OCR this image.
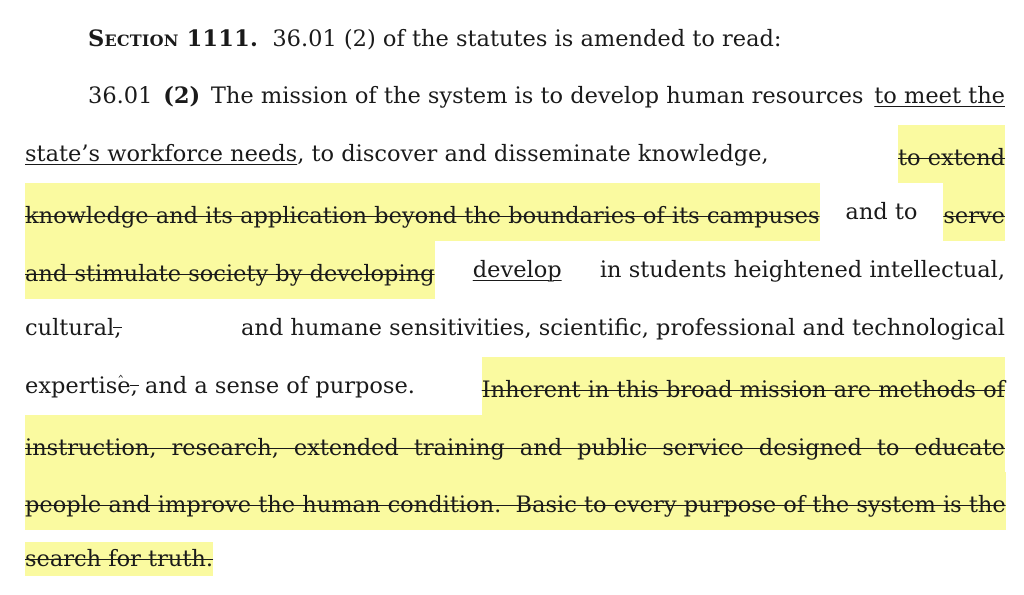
Section 1111. 36.01 (2) of the statutes is amended to read:
36.01 (2) The mission of the system is to develop human resources to meet the
state’s workforce needs, to discover and disseminate knowledge,	to extend
knowledge and its application beyond the boundaries of its campuses and to serve
and stimulate society by developing develop in students heightened intellectual,
cultural,	and humane sensitivities, scientific, professional and technological
expertise, and a sense of purpose.	Inherent in this broad mission are methods of
instruction, research, extended training and public service designed to educate
people and improve the human condition.  Basic to every purpose of the system is the
search for truth.
